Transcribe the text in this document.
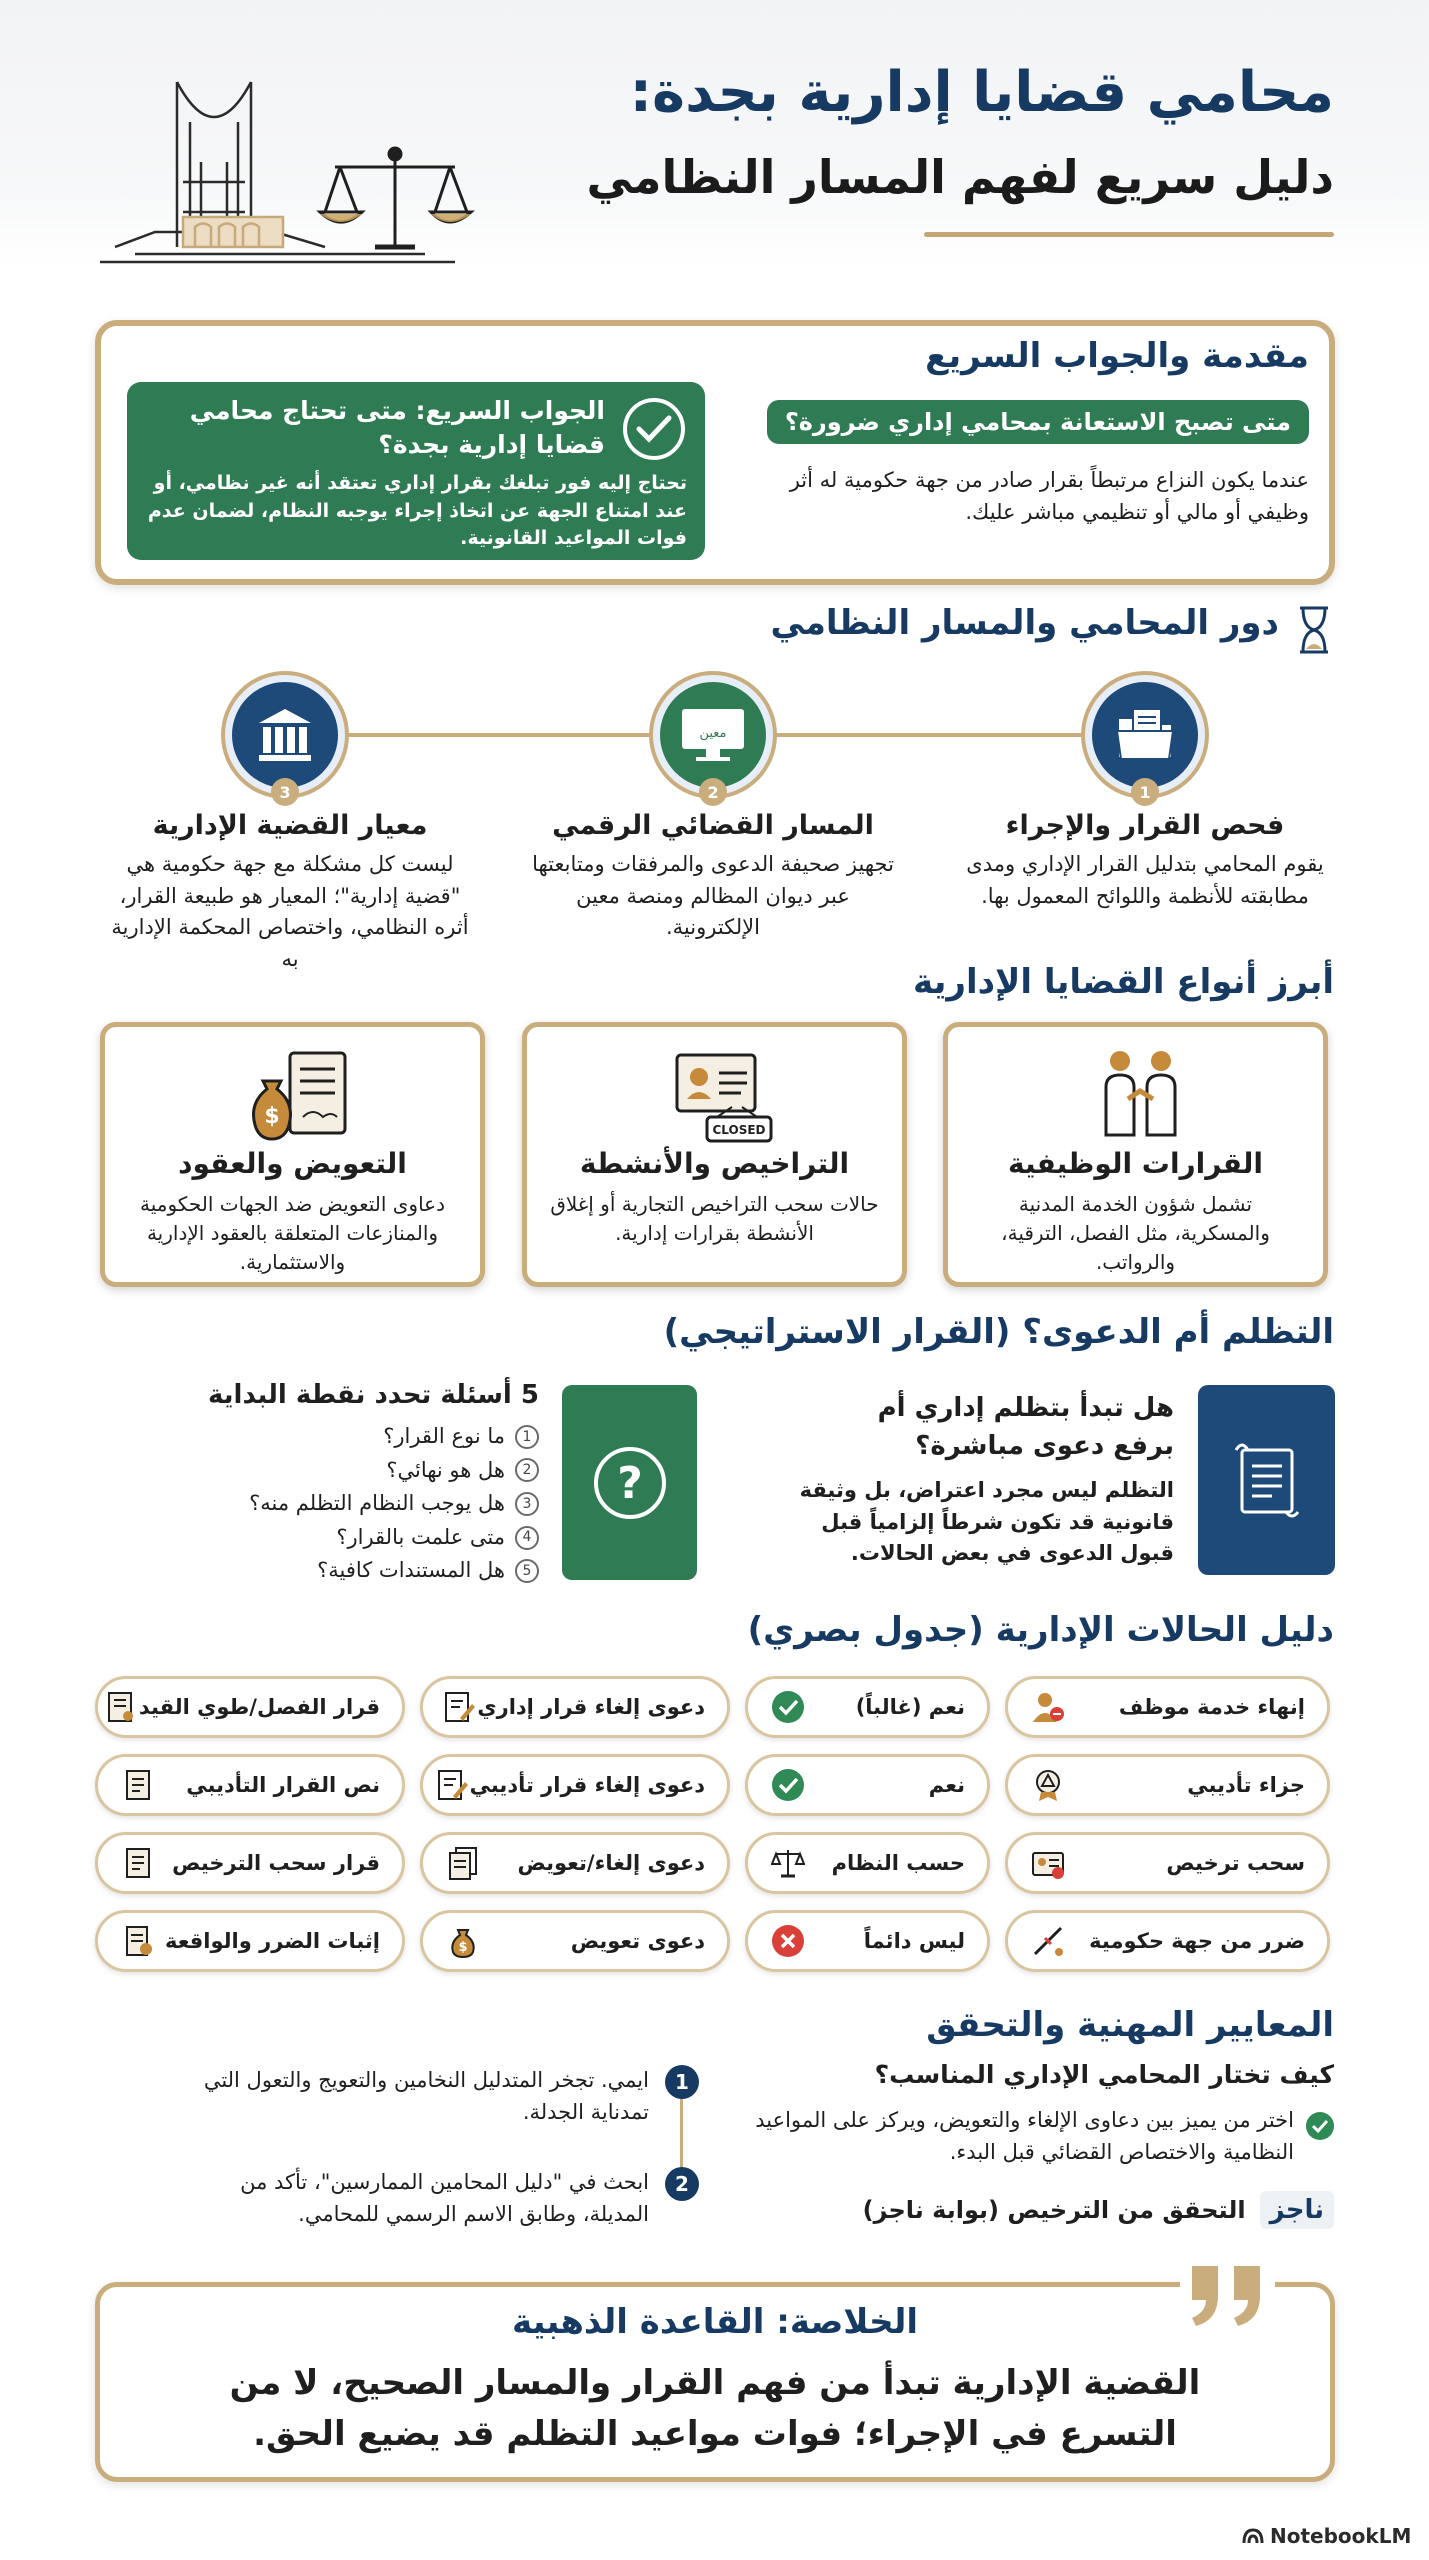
محامي قضايا إدارية بجدة:
دليل سريع لفهم المسار النظامي
مقدمة والجواب السريع
متى تصبح الاستعانة بمحامي إداري ضرورة؟
عندما يكون النزاع مرتبطاً بقرار صادر من جهة حكومية له أثر وظيفي أو مالي أو تنظيمي مباشر عليك.
الجواب السريع: متى تحتاج محامي قضايا إدارية بجدة؟
تحتاج إليه فور تبلغك بقرار إداري تعتقد أنه غير نظامي، أو عند امتناع الجهة عن اتخاذ إجراء يوجبه النظام، لضمان عدم فوات المواعيد القانونية.
دور المحامي والمسار النظامي
1
فحص القرار والإجراء
يقوم المحامي بتدليل القرار الإداري ومدى مطابقته للأنظمة واللوائح المعمول بها.
معين
2
المسار القضائي الرقمي
تجهيز صحيفة الدعوى والمرفقات ومتابعتها عبر ديوان المظالم ومنصة معين الإلكترونية.
3
معيار القضية الإدارية
ليست كل مشكلة مع جهة حكومية هي "قضية إدارية"؛ المعيار هو طبيعة القرار، أثره النظامي، واختصاص المحكمة الإدارية به
أبرز أنواع القضايا الإدارية
القرارات الوظيفية
تشمل شؤون الخدمة المدنية والمسكرية، مثل الفصل، الترقية، والرواتب.
CLOSED
التراخيص والأنشطة
حالات سحب التراخيص التجارية أو إغلاق الأنشطة بقرارات إدارية.
$
التعويض والعقود
دعاوى التعويض ضد الجهات الحكومية والمنازعات المتعلقة بالعقود الإدارية والاستثمارية.
التظلم أم الدعوى؟ (القرار الاستراتيجي)
هل تبدأ بتظلم إداري أم برفع دعوى مباشرة؟
التظلم ليس مجرد اعتراض، بل وثيقة قانونية قد تكون شرطاً إلزامياً قبل قبول الدعوى في بعض الحالات.
?
5 أسئلة تحدد نقطة البداية
1
ما نوع القرار؟
2
هل هو نهائي؟
3
هل يوجب النظام التظلم منه؟
4
متى علمت بالقرار؟
5
هل المستندات كافية؟
دليل الحالات الإدارية (جدول بصري)
إنهاء خدمة موظف
نعم (غالباً)
دعوى إلغاء قرار إداري
قرار الفصل/طوي القيد
جزاء تأديبي
نعم
دعوى إلغاء قرار تأديبي
نص القرار التأديبي
سحب ترخيص
حسب النظام
دعوى إلغاء/تعويض
قرار سحب الترخيص
ضرر من جهة حكومية
ليس دائماً
دعوى تعويض
$
إثبات الضرر والواقعة
المعايير المهنية والتحقق
كيف تختار المحامي الإداري المناسب؟
اختر من يميز بين دعاوى الإلغاء والتعويض، ويركز على المواعيد النظامية والاختصاص القضائي قبل البدء.
ناجز
التحقق من الترخيص (بوابة ناجز)
1
ايمي. تجخر المتدليل النخامين والتعويج والتعول التي تمدناية الجدلة.
2
ابحث في "دليل المحامين الممارسين"، تأكد من المديلة، وطابق الاسم الرسمي للمحامي.
الخلاصة: القاعدة الذهبية
القضية الإدارية تبدأ من فهم القرار والمسار الصحيح، لا من التسرع في الإجراء؛ فوات مواعيد التظلم قد يضيع الحق.
NotebookLM
